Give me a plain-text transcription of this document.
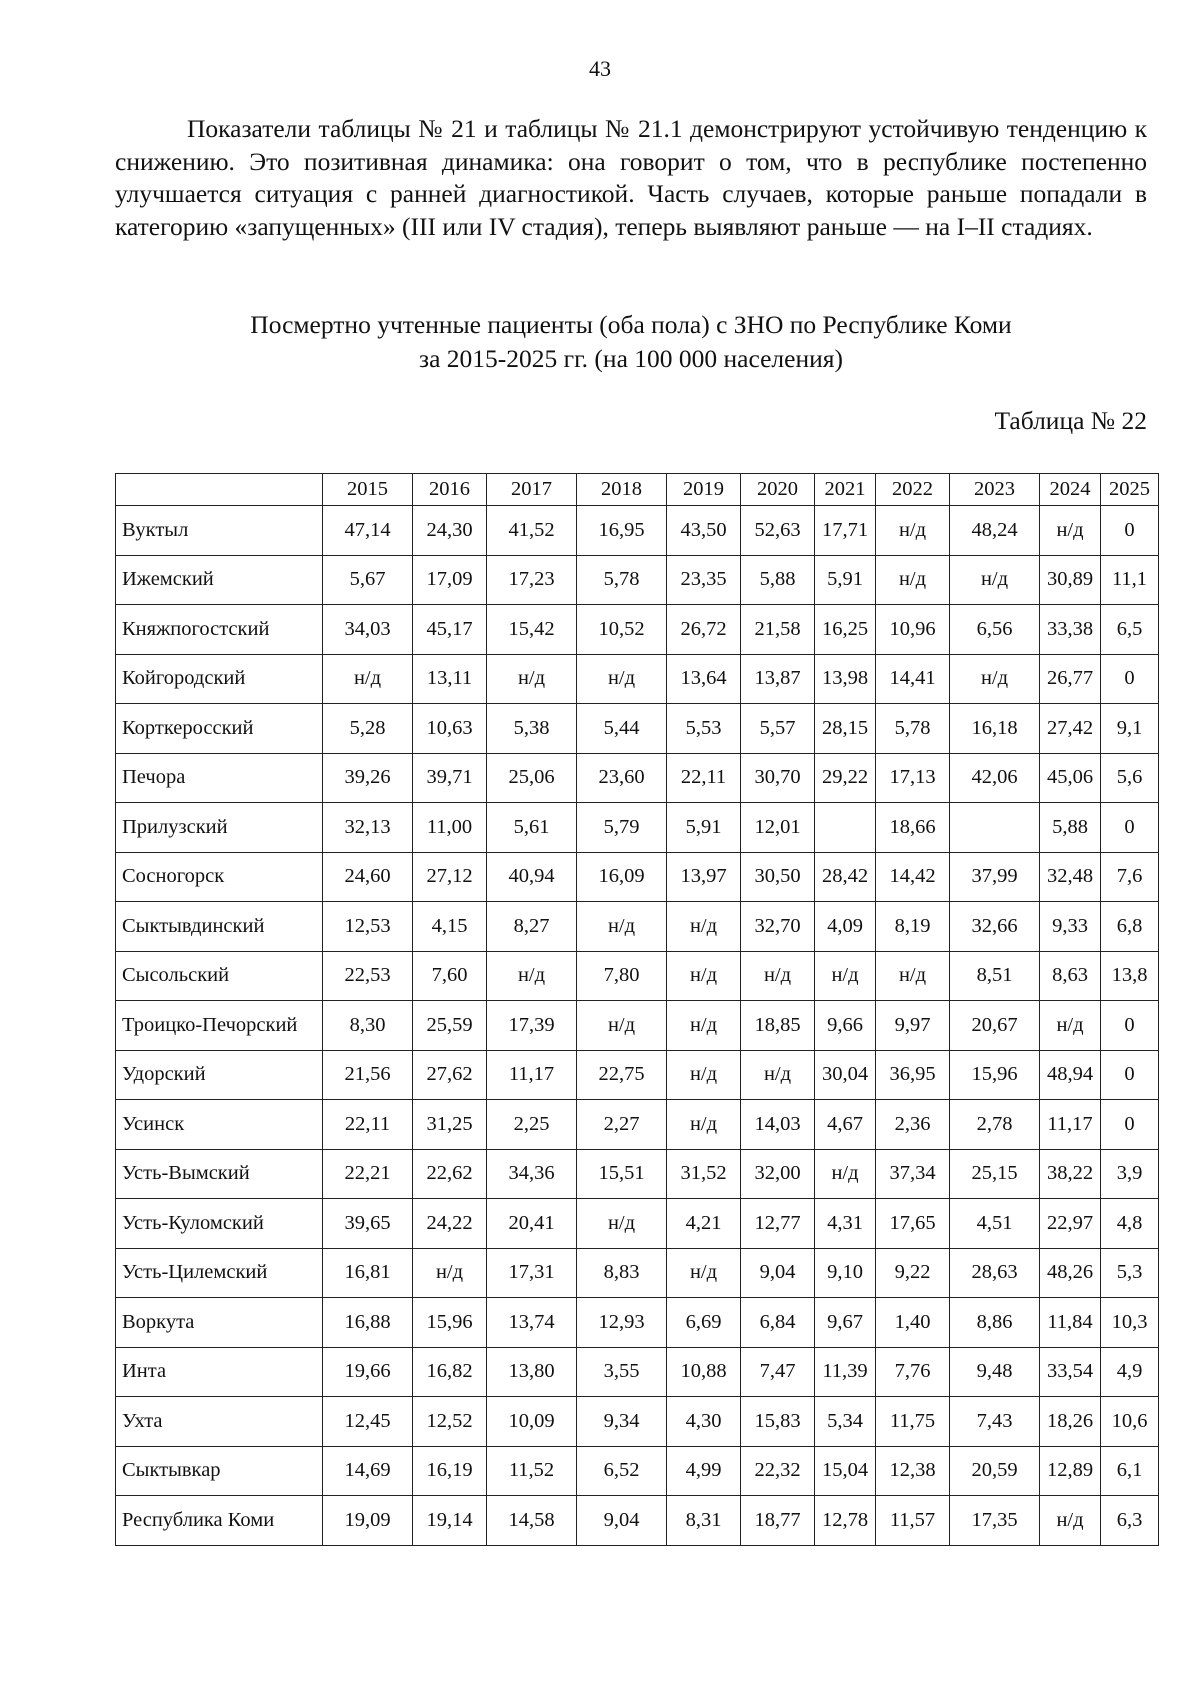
43

Показатели таблицы № 21 и таблицы № 21.1 демонстрируют устойчивую тенденцию к снижению. Это позитивная динамика: она говорит о том, что в республике постепенно улучшается ситуация с ранней диагностикой. Часть случаев, которые раньше попадали в категорию «запущенных» (III или IV стадия), теперь выявляют раньше — на I–II стадиях.

Посмертно учтенные пациенты (оба пола) с ЗНО по Республике Коми
за 2015-2025 гг. (на 100 000 населения)
Таблица № 22
	2015	2016	2017	2018	2019	2020	2021	2022	2023	2024	2025
Вуктыл	47,14	24,30	41,52	16,95	43,50	52,63	17,71	н/д	48,24	н/д	0
Ижемский	5,67	17,09	17,23	5,78	23,35	5,88	5,91	н/д	н/д	30,89	11,1
Княжпогостский	34,03	45,17	15,42	10,52	26,72	21,58	16,25	10,96	6,56	33,38	6,5
Койгородский	н/д	13,11	н/д	н/д	13,64	13,87	13,98	14,41	н/д	26,77	0
Корткеросский	5,28	10,63	5,38	5,44	5,53	5,57	28,15	5,78	16,18	27,42	9,1
Печора	39,26	39,71	25,06	23,60	22,11	30,70	29,22	17,13	42,06	45,06	5,6
Прилузский	32,13	11,00	5,61	5,79	5,91	12,01		18,66		5,88	0
Сосногорск	24,60	27,12	40,94	16,09	13,97	30,50	28,42	14,42	37,99	32,48	7,6
Сыктывдинский	12,53	4,15	8,27	н/д	н/д	32,70	4,09	8,19	32,66	9,33	6,8
Сысольский	22,53	7,60	н/д	7,80	н/д	н/д	н/д	н/д	8,51	8,63	13,8
Троицко-Печорский	8,30	25,59	17,39	н/д	н/д	18,85	9,66	9,97	20,67	н/д	0
Удорский	21,56	27,62	11,17	22,75	н/д	н/д	30,04	36,95	15,96	48,94	0
Усинск	22,11	31,25	2,25	2,27	н/д	14,03	4,67	2,36	2,78	11,17	0
Усть-Вымский	22,21	22,62	34,36	15,51	31,52	32,00	н/д	37,34	25,15	38,22	3,9
Усть-Куломский	39,65	24,22	20,41	н/д	4,21	12,77	4,31	17,65	4,51	22,97	4,8
Усть-Цилемский	16,81	н/д	17,31	8,83	н/д	9,04	9,10	9,22	28,63	48,26	5,3
Воркута	16,88	15,96	13,74	12,93	6,69	6,84	9,67	1,40	8,86	11,84	10,3
Инта	19,66	16,82	13,80	3,55	10,88	7,47	11,39	7,76	9,48	33,54	4,9
Ухта	12,45	12,52	10,09	9,34	4,30	15,83	5,34	11,75	7,43	18,26	10,6
Сыктывкар	14,69	16,19	11,52	6,52	4,99	22,32	15,04	12,38	20,59	12,89	6,1
Республика Коми	19,09	19,14	14,58	9,04	8,31	18,77	12,78	11,57	17,35	н/д	6,3
